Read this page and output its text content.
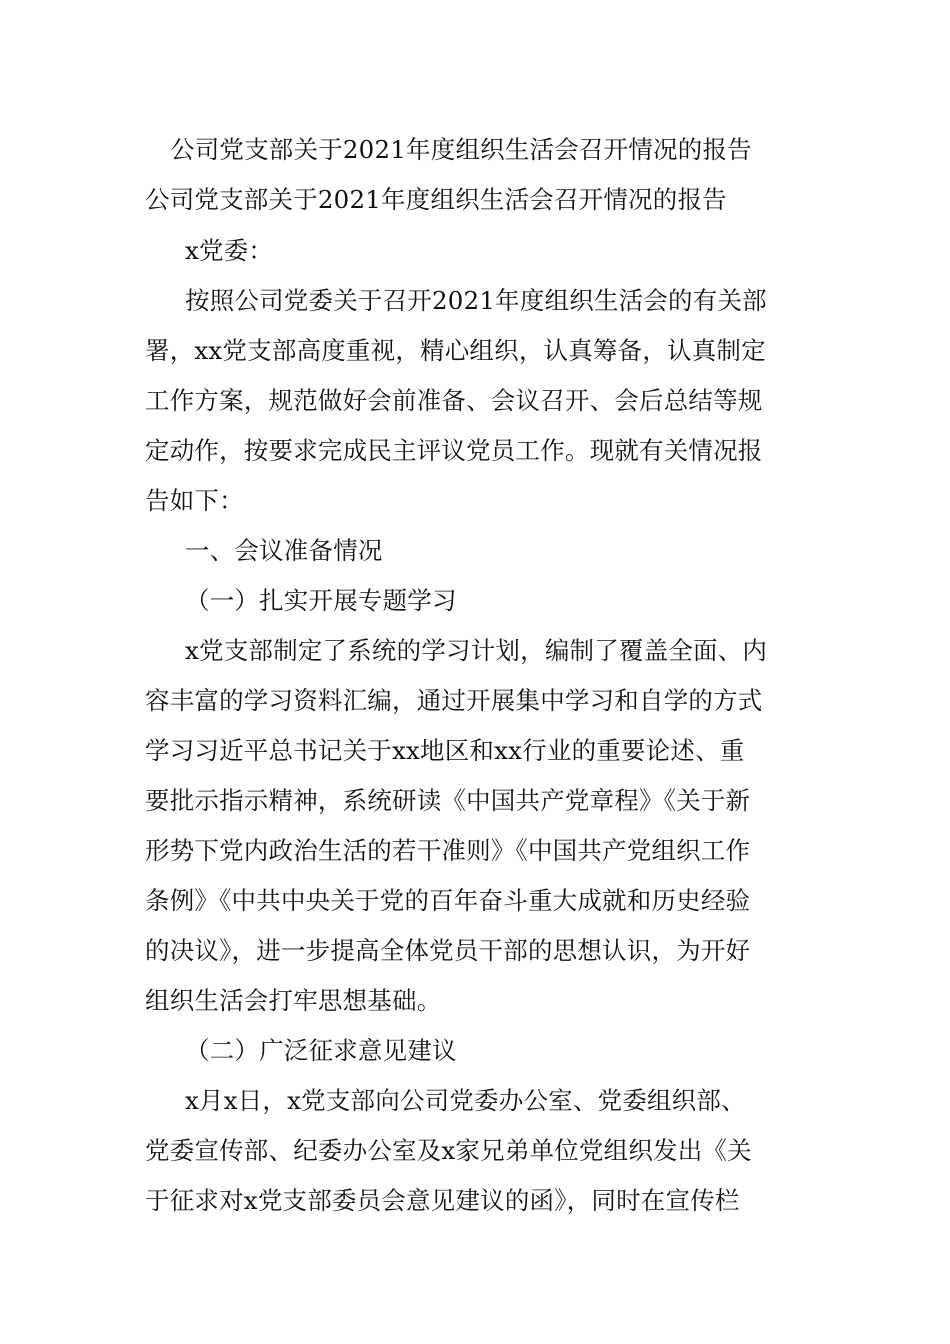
公司党支部关于2021年度组织生活会召开情况的报告
公司党支部关于2021年度组织生活会召开情况的报告
x党委：
按照公司党委关于召开2021年度组织生活会的有关部
署，xx党支部高度重视，精心组织，认真筹备，认真制定
工作方案，规范做好会前准备、会议召开、会后总结等规
定动作，按要求完成民主评议党员工作。现就有关情况报
告如下：
一、会议准备情况
（一）扎实开展专题学习
x党支部制定了系统的学习计划，编制了覆盖全面、内
容丰富的学习资料汇编，通过开展集中学习和自学的方式
学习习近平总书记关于xx地区和xx行业的重要论述、重
要批示指示精神，系统研读《中国共产党章程》《关于新
形势下党内政治生活的若干准则》《中国共产党组织工作
条例》《中共中央关于党的百年奋斗重大成就和历史经验
的决议》，进一步提高全体党员干部的思想认识，为开好
组织生活会打牢思想基础。
（二）广泛征求意见建议
x月x日，x党支部向公司党委办公室、党委组织部、
党委宣传部、纪委办公室及x家兄弟单位党组织发出《关
于征求对x党支部委员会意见建议的函》，同时在宣传栏
